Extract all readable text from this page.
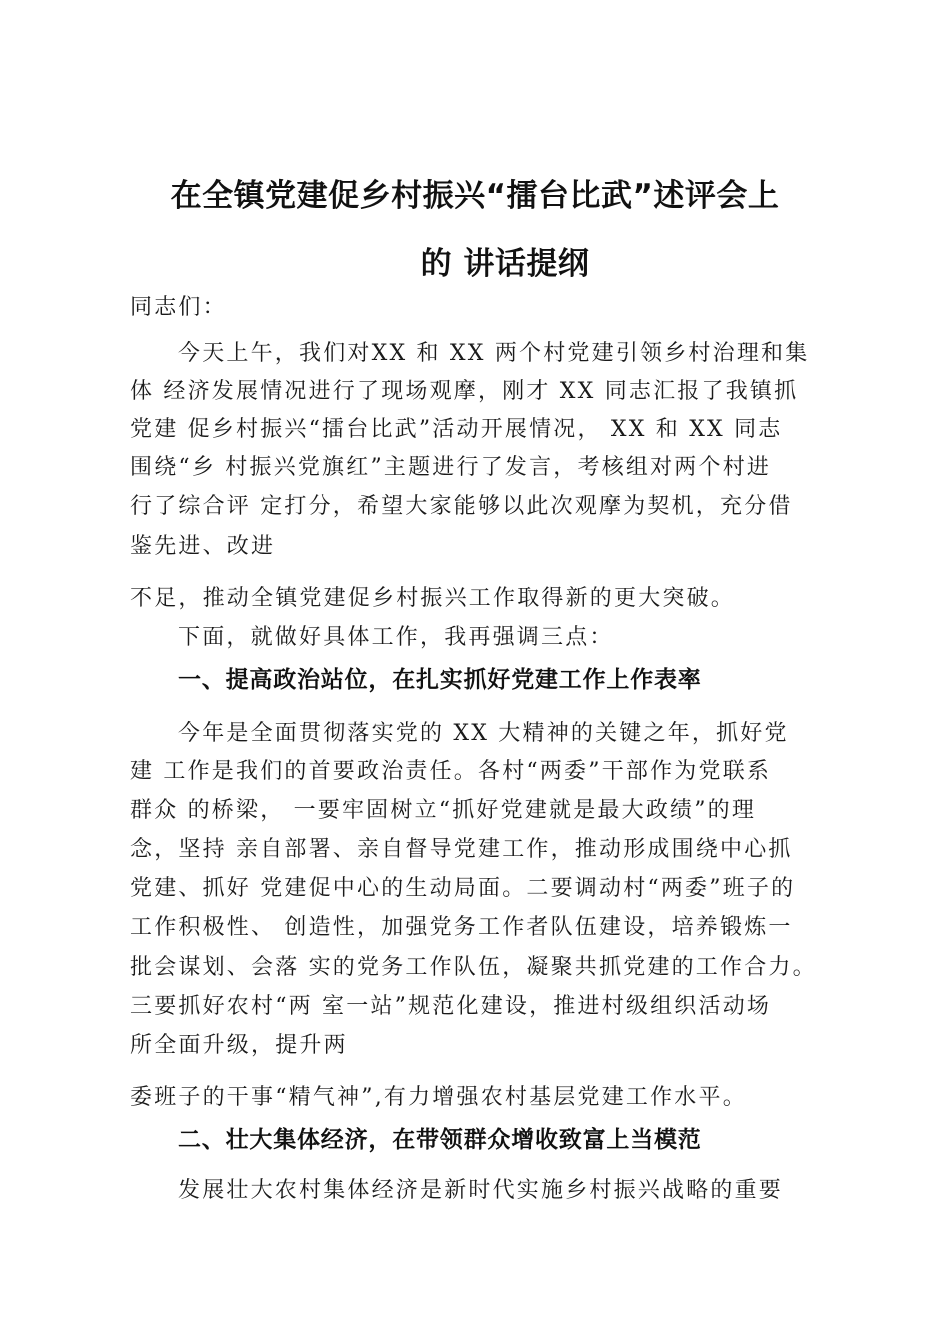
在全镇党建促乡村振兴“擂台比武”述评会上
的 讲话提纲
同志们：
今天上午，我们对XX 和 XX 两个村党建引领乡村治理和集
体 经济发展情况进行了现场观摩，刚才 XX 同志汇报了我镇抓
党建 促乡村振兴“擂台比武”活动开展情况， XX 和 XX 同志
围绕“乡 村振兴党旗红”主题进行了发言，考核组对两个村进
行了综合评 定打分，希望大家能够以此次观摩为契机，充分借
鉴先进、改进
不足，推动全镇党建促乡村振兴工作取得新的更大突破。
下面，就做好具体工作，我再强调三点：
一、提高政治站位，在扎实抓好党建工作上作表率
今年是全面贯彻落实党的 XX 大精神的关键之年，抓好党
建 工作是我们的首要政治责任。各村“两委”干部作为党联系
群众 的桥梁， 一要牢固树立“抓好党建就是最大政绩”的理
念，坚持 亲自部署、亲自督导党建工作，推动形成围绕中心抓
党建、抓好 党建促中心的生动局面。二要调动村“两委”班子的
工作积极性、 创造性，加强党务工作者队伍建设，培养锻炼一
批会谋划、会落 实的党务工作队伍，凝聚共抓党建的工作合力。
三要抓好农村“两 室一站”规范化建设，推进村级组织活动场
所全面升级，提升两
委班子的干事“精气神”,有力增强农村基层党建工作水平。
二、壮大集体经济，在带领群众增收致富上当模范
发展壮大农村集体经济是新时代实施乡村振兴战略的重要
